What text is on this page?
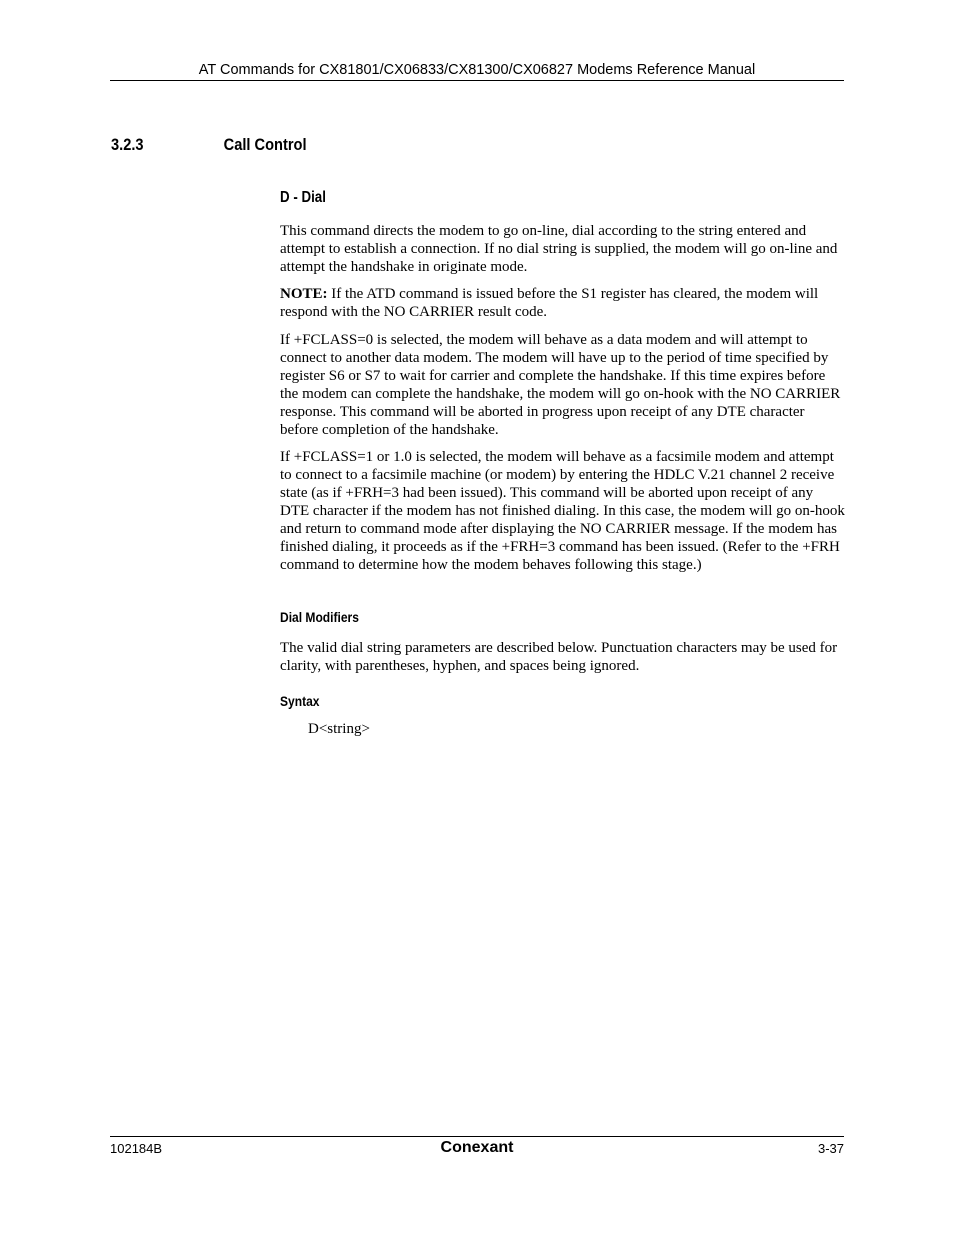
AT Commands for CX81801/CX06833/CX81300/CX06827 Modems Reference Manual
3.2.3	Call Control
D - Dial

This command directs the modem to go on-line, dial according to the string entered and attempt to establish a connection. If no dial string is supplied, the modem will go on-line and attempt the handshake in originate mode.

NOTE: If the ATD command is issued before the S1 register has cleared, the modem will respond with the NO CARRIER result code.

If +FCLASS=0 is selected, the modem will behave as a data modem and will attempt to connect to another data modem. The modem will have up to the period of time specified by register S6 or S7 to wait for carrier and complete the handshake. If this time expires before the modem can complete the handshake, the modem will go on-hook with the NO CARRIER response. This command will be aborted in progress upon receipt of any DTE character before completion of the handshake.

If +FCLASS=1 or 1.0 is selected, the modem will behave as a facsimile modem and attempt to connect to a facsimile machine (or modem) by entering the HDLC V.21 channel 2 receive state (as if +FRH=3 had been issued). This command will be aborted upon receipt of any DTE character if the modem has not finished dialing. In this case, the modem will go on-hook and return to command mode after displaying the NO CARRIER message. If the modem has finished dialing, it proceeds as if the +FRH=3 command has been issued. (Refer to the +FRH command to determine how the modem behaves following this stage.)

Dial Modifiers

The valid dial string parameters are described below. Punctuation characters may be used for clarity, with parentheses, hyphen, and spaces being ignored.

Syntax
D<string>
102184B	Conexant	3-37
